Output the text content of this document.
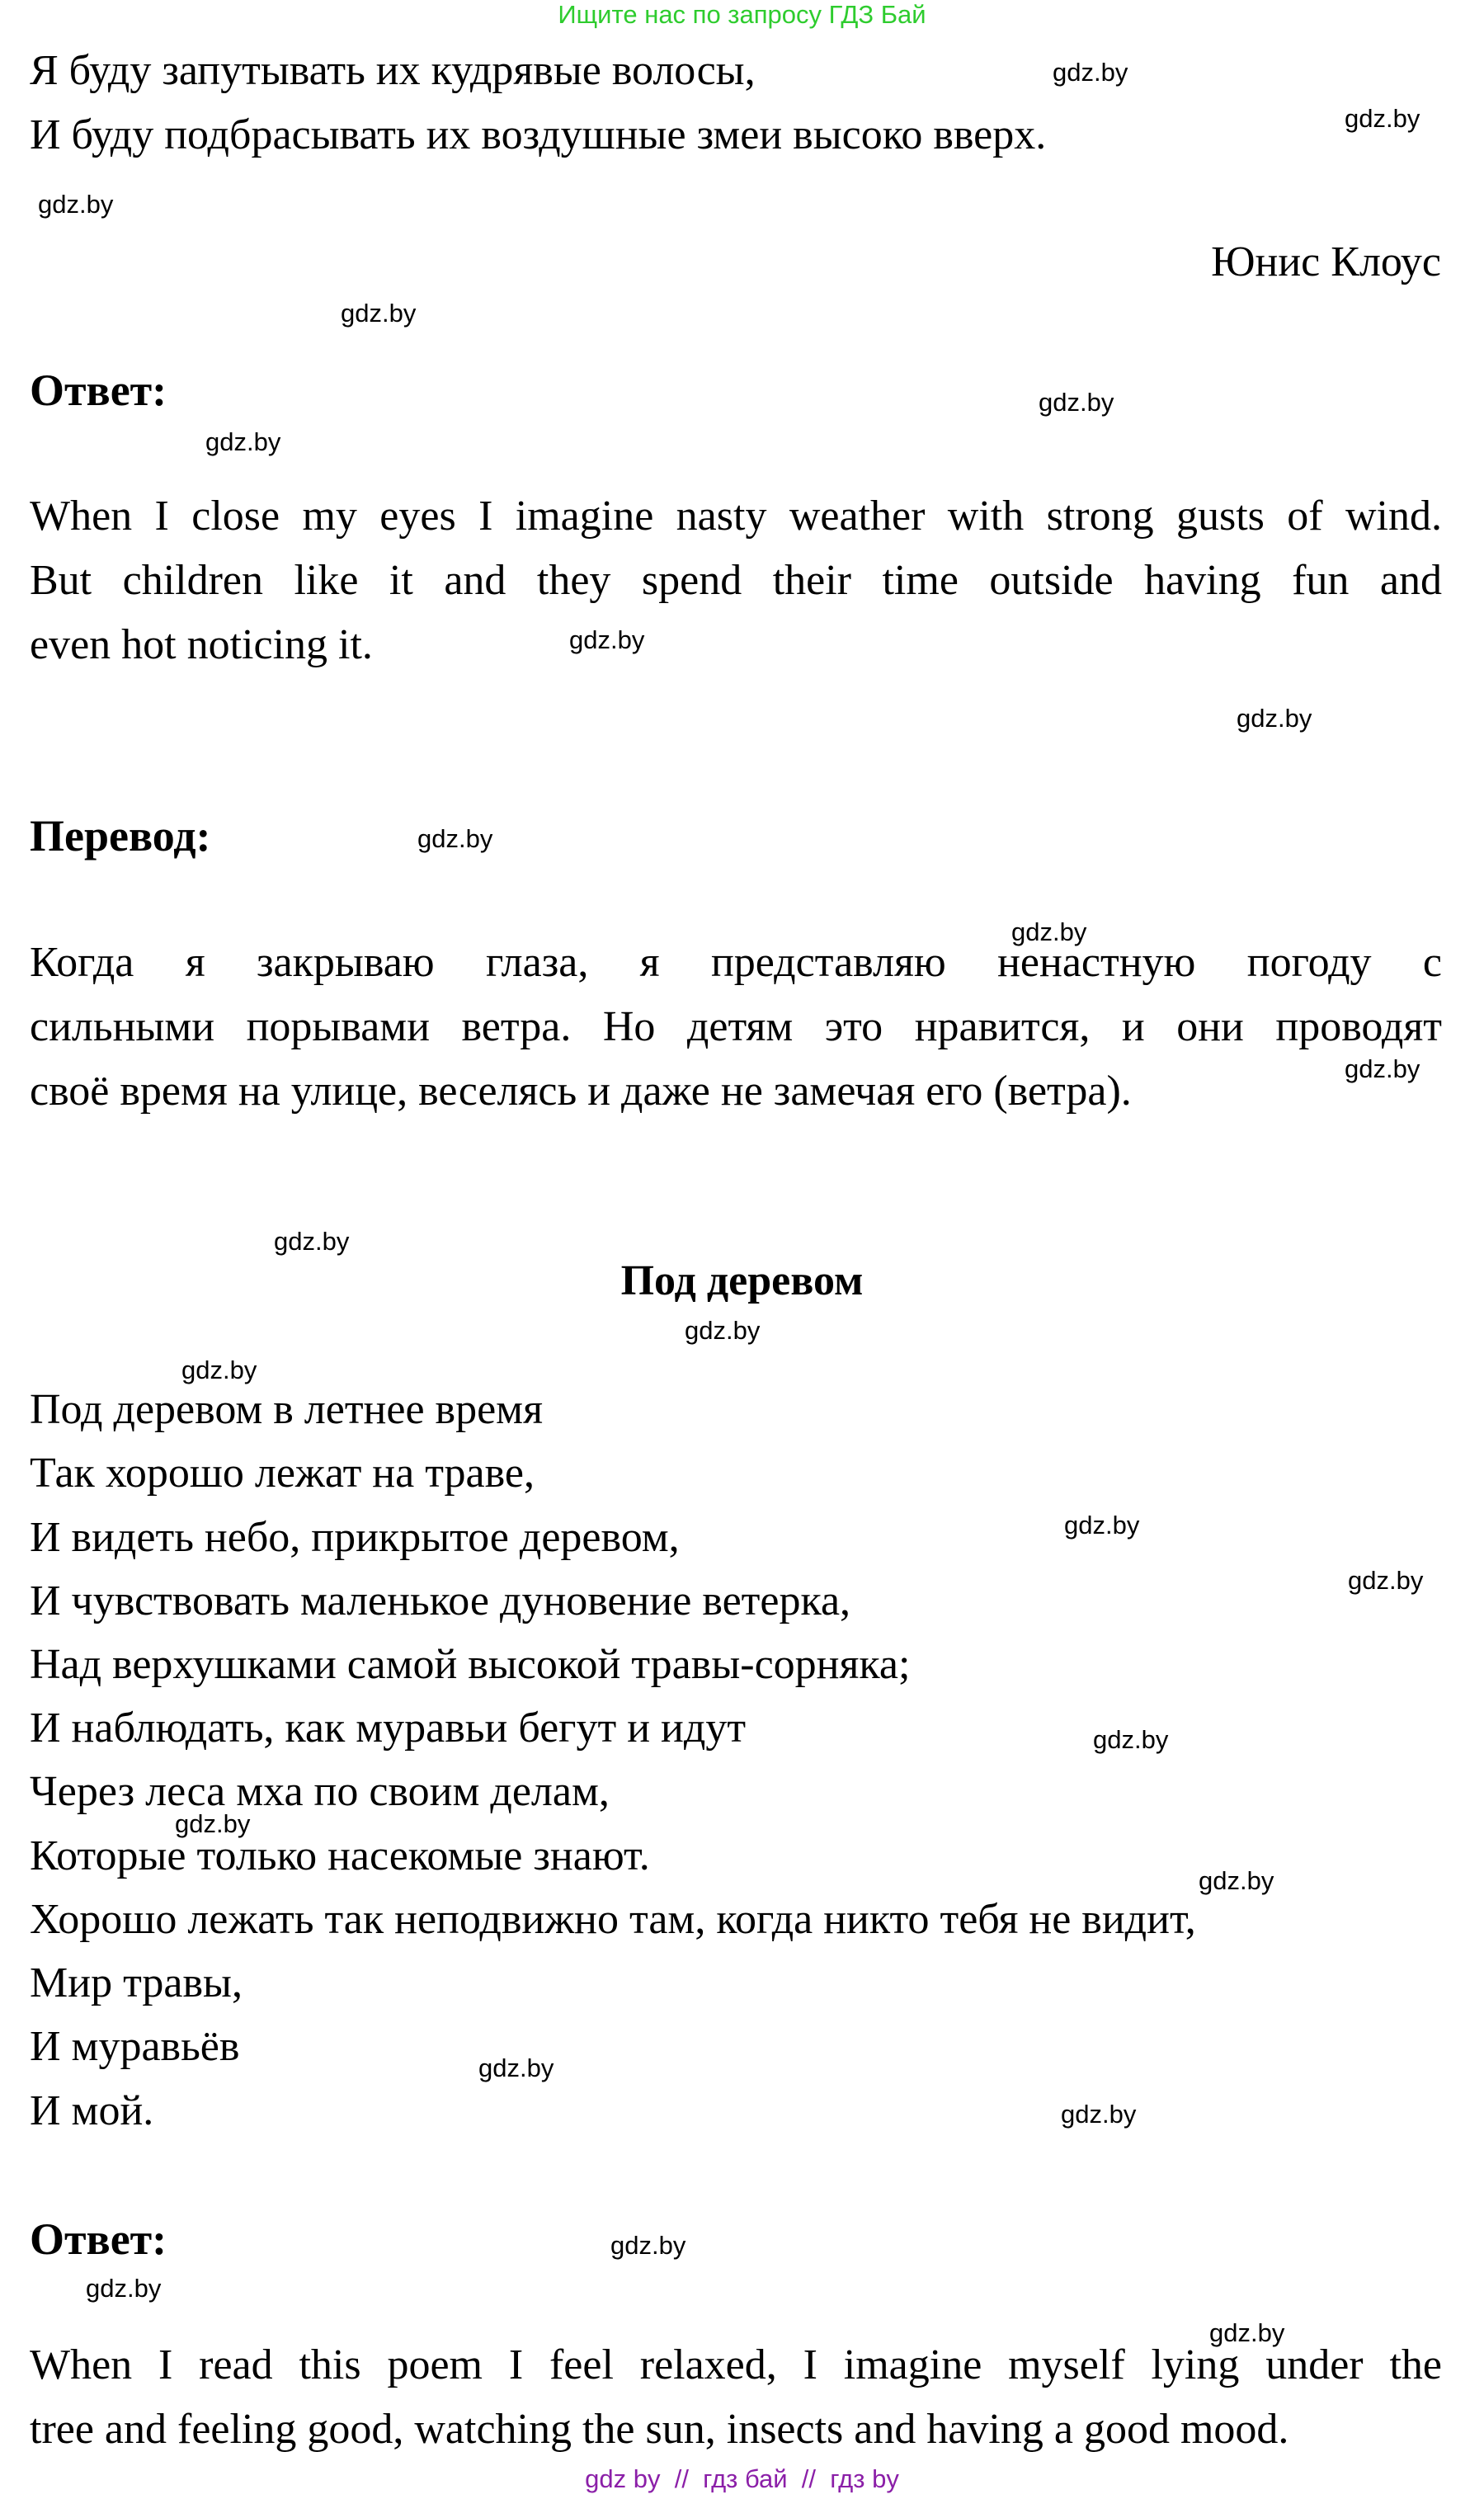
Ищите нас по запросу ГДЗ Бай
Я буду запутывать их кудрявые волосы,
И буду подбрасывать их воздушные змеи высоко вверх.
Юнис Клоус
Ответ:
When I close my eyes I imagine nasty weather with strong gusts of wind.
But children like it and they spend their time outside having fun and
even hot noticing it.
Перевод:
Когда я закрываю глаза, я представляю ненастную погоду с
сильными порывами ветра. Но детям это нравится, и они проводят
своё время на улице, веселясь и даже не замечая его (ветра).
Под деревом
Под деревом в летнее время
Так хорошо лежат на траве,
И видеть небо, прикрытое деревом,
И чувствовать маленькое дуновение ветерка,
Над верхушками самой высокой травы-сорняка;
И наблюдать, как муравьи бегут и идут
Через леса мха по своим делам,
Которые только насекомые знают.
Хорошо лежать так неподвижно там, когда никто тебя не видит,
Мир травы,
И муравьёв
И мой.
Ответ:
When I read this poem I feel relaxed, I imagine myself lying under the
tree and feeling good, watching the sun, insects and having a good mood.
gdz.by
gdz.by
gdz.by
gdz.by
gdz.by
gdz.by
gdz.by
gdz.by
gdz.by
gdz.by
gdz.by
gdz.by
gdz.by
gdz.by
gdz.by
gdz.by
gdz.by
gdz.by
gdz.by
gdz.by
gdz.by
gdz.by
gdz.by
gdz.by
gdz by  //  гдз бай  //  гдз by
